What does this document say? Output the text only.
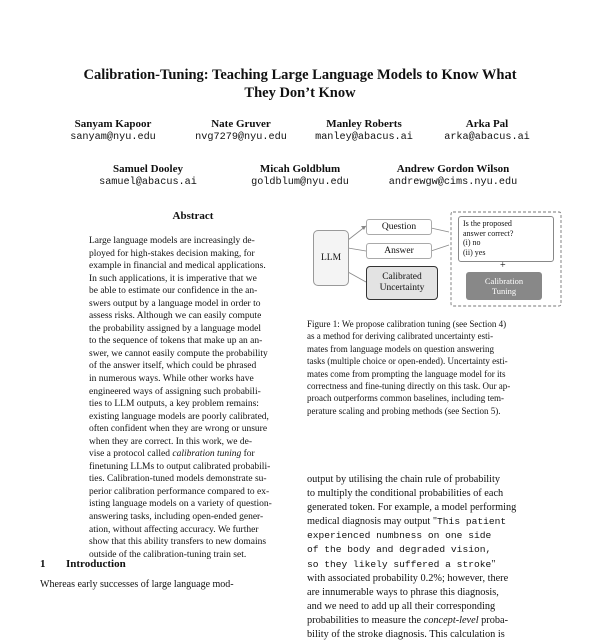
Calibration-Tuning: Teaching Large Language Models to Know What
They Don’t Know
Sanyam Kapoor
sanyam@nyu.edu
Nate Gruver
nvg7279@nyu.edu
Manley Roberts
manley@abacus.ai
Arka Pal
arka@abacus.ai
Samuel Dooley
samuel@abacus.ai
Micah Goldblum
goldblum@nyu.edu
Andrew Gordon Wilson
andrewgw@cims.nyu.edu
Abstract
Large language models are increasingly de-
ployed for high-stakes decision making, for
example in financial and medical applications.
In such applications, it is imperative that we
be able to estimate our confidence in the an-
swers output by a language model in order to
assess risks. Although we can easily compute
the probability assigned by a language model
to the sequence of tokens that make up an an-
swer, we cannot easily compute the probability
of the answer itself, which could be phrased
in numerous ways. While other works have
engineered ways of assigning such probabili-
ties to LLM outputs, a key problem remains:
existing language models are poorly calibrated,
often confident when they are wrong or unsure
when they are correct. In this work, we de-
vise a protocol called calibration tuning for
finetuning LLMs to output calibrated probabili-
ties. Calibration-tuned models demonstrate su-
perior calibration performance compared to ex-
isting language models on a variety of question-
answering tasks, including open-ended gener-
ation, without affecting accuracy. We further
show that this ability transfers to new domains
outside of the calibration-tuning train set.
1 Introduction
Whereas early successes of large language mod-
LLM
Question
Answer
Calibrated
Uncertainty
Is the proposed
answer correct?
(i) no
(ii) yes
+
Calibration
Tuning
Figure 1: We propose calibration tuning (see Section 4)
as a method for deriving calibrated uncertainty esti-
mates from language models on question answering
tasks (multiple choice or open-ended). Uncertainty esti-
mates come from prompting the language model for its
correctness and fine-tuning directly on this task. Our ap-
proach outperforms common baselines, including tem-
perature scaling and probing methods (see Section 5).
output by utilising the chain rule of probability
to multiply the conditional probabilities of each
generated token. For example, a model performing
medical diagnosis may output "This patient
experienced numbness on one side
of the body and degraded vision,
so they likely suffered a stroke"
with associated probability 0.2%; however, there
are innumerable ways to phrase this diagnosis,
and we need to add up all their corresponding
probabilities to measure the concept-level proba-
bility of the stroke diagnosis. This calculation is
